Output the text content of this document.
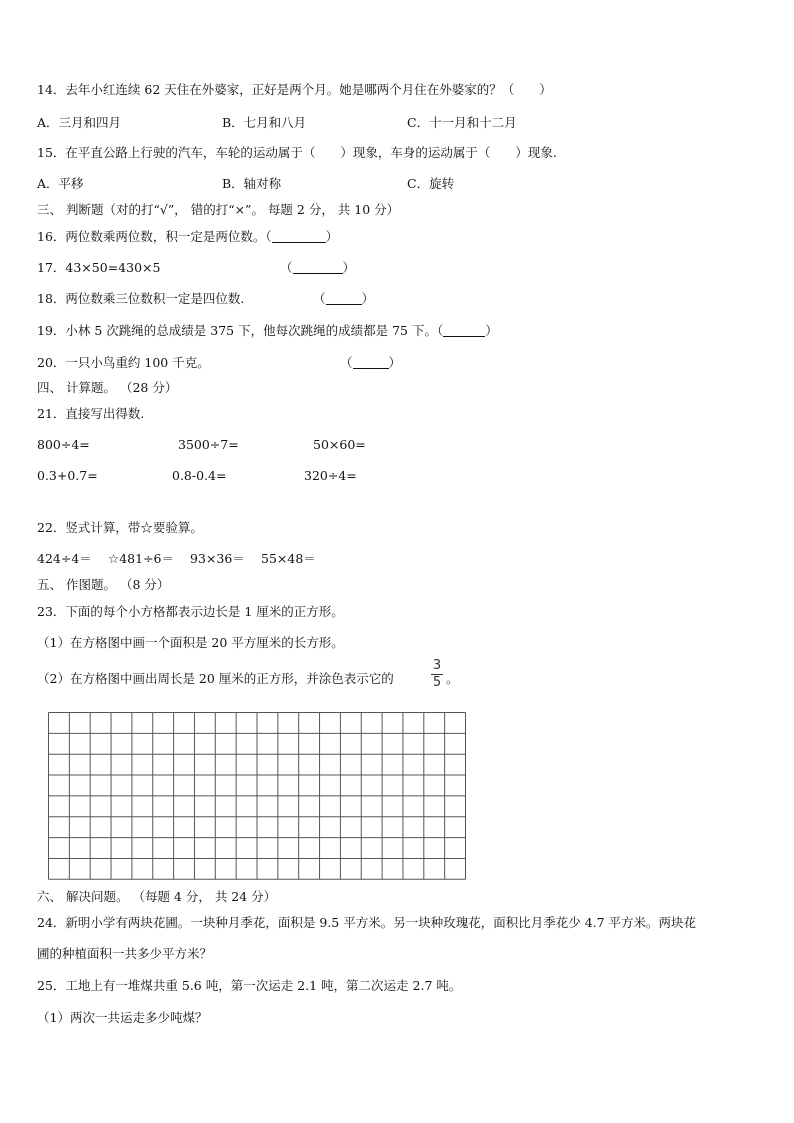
14．去年小红连续 62 天住在外婆家，正好是两个月。她是哪两个月住在外婆家的？（　　）
A．三月和四月	B．七月和八月	C．十一月和十二月
15．在平直公路上行驶的汽车，车轮的运动属于（　　）现象，车身的运动属于（　　）现象.
A．平移	B．轴对称	C．旋转
三、 判断题（对的打“√”， 错的打“×”。 每题 2 分， 共 10 分）
16．两位数乘两位数，积一定是两位数。（	）
17．43×50=430×5	（	）
18．两位数乘三位数积一定是四位数.	（	）
19．小林 5 次跳绳的总成绩是 375 下，他每次跳绳的成绩都是 75 下。（	）
20．一只小鸟重约 100 千克。	（	）
四、 计算题。 （28 分）
21．直接写出得数.
800÷4=	3500÷7=	50×60=
0.3+0.7=	0.8-0.4=	320÷4=
22．竖式计算，带☆要验算。
424÷4＝ ☆481÷6＝ 93×36＝ 55×48＝
五、 作图题。 （8 分）
23．下面的每个小方格都表示边长是 1 厘米的正方形。
（1）在方格图中画一个面积是 20 平方厘米的长方形。
（2）在方格图中画出周长是 20 厘米的正方形，并涂色表示它的
3
5 。
六、 解决问题。 （每题 4 分， 共 24 分）
24．新明小学有两块花圃。一块种月季花，面积是 9.5 平方米。另一块种玫瑰花，面积比月季花少 4.7 平方米。两块花
圃的种植面积一共多少平方米？
25．工地上有一堆煤共重 5.6 吨，第一次运走 2.1 吨，第二次运走 2.7 吨。
（1）两次一共运走多少吨煤？
